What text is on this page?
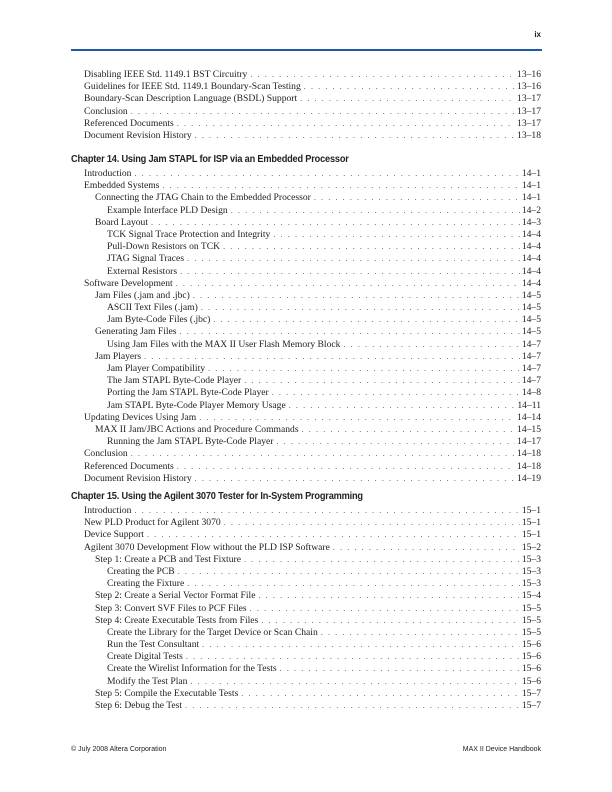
ix
Disabling IEEE Std. 1149.1 BST Circuitry . . .	13–16
Guidelines for IEEE Std. 1149.1 Boundary-Scan Testing . . .	13–16
Boundary-Scan Description Language (BSDL) Support . . .	13–17
Conclusion . . .	13–17
Referenced Documents . . .	13–17
Document Revision History . . .	13–18
Chapter 14. Using Jam STAPL for ISP via an Embedded Processor
Introduction . . .	14–1
Embedded Systems . . .	14–1
Connecting the JTAG Chain to the Embedded Processor . . .	14–1
Example Interface PLD Design . . .	14–2
Board Layout . . .	14–3
TCK Signal Trace Protection and Integrity . . .	14–4
Pull-Down Resistors on TCK . . .	14–4
JTAG Signal Traces . . .	14–4
External Resistors . . .	14–4
Software Development . . .	14–4
Jam Files (.jam and .jbc) . . .	14–5
ASCII Text Files (.jam) . . .	14–5
Jam Byte-Code Files (.jbc) . . .	14–5
Generating Jam Files . . .	14–5
Using Jam Files with the MAX II User Flash Memory Block . . .	14–7
Jam Players . . .	14–7
Jam Player Compatibility . . .	14–7
The Jam STAPL Byte-Code Player . . .	14–7
Porting the Jam STAPL Byte-Code Player . . .	14–8
Jam STAPL Byte-Code Player Memory Usage . . .	14–11
Updating Devices Using Jam . . .	14–14
MAX II Jam/JBC Actions and Procedure Commands . . .	14–15
Running the Jam STAPL Byte-Code Player . . .	14–17
Conclusion . . .	14–18
Referenced Documents . . .	14–18
Document Revision History . . .	14–19
Chapter 15. Using the Agilent 3070 Tester for In-System Programming
Introduction . . .	15–1
New PLD Product for Agilent 3070 . . .	15–1
Device Support . . .	15–1
Agilent 3070 Development Flow without the PLD ISP Software . . .	15–2
Step 1: Create a PCB and Test Fixture . . .	15–3
Creating the PCB . . .	15–3
Creating the Fixture . . .	15–3
Step 2: Create a Serial Vector Format File . . .	15–4
Step 3: Convert SVF Files to PCF Files . . .	15–5
Step 4: Create Executable Tests from Files . . .	15–5
Create the Library for the Target Device or Scan Chain . . .	15–5
Run the Test Consultant . . .	15–6
Create Digital Tests . . .	15–6
Create the Wirelist Information for the Tests . . .	15–6
Modify the Test Plan . . .	15–6
Step 5: Compile the Executable Tests . . .	15–7
Step 6: Debug the Test . . .	15–7
© July 2008 Altera Corporation	MAX II Device Handbook
